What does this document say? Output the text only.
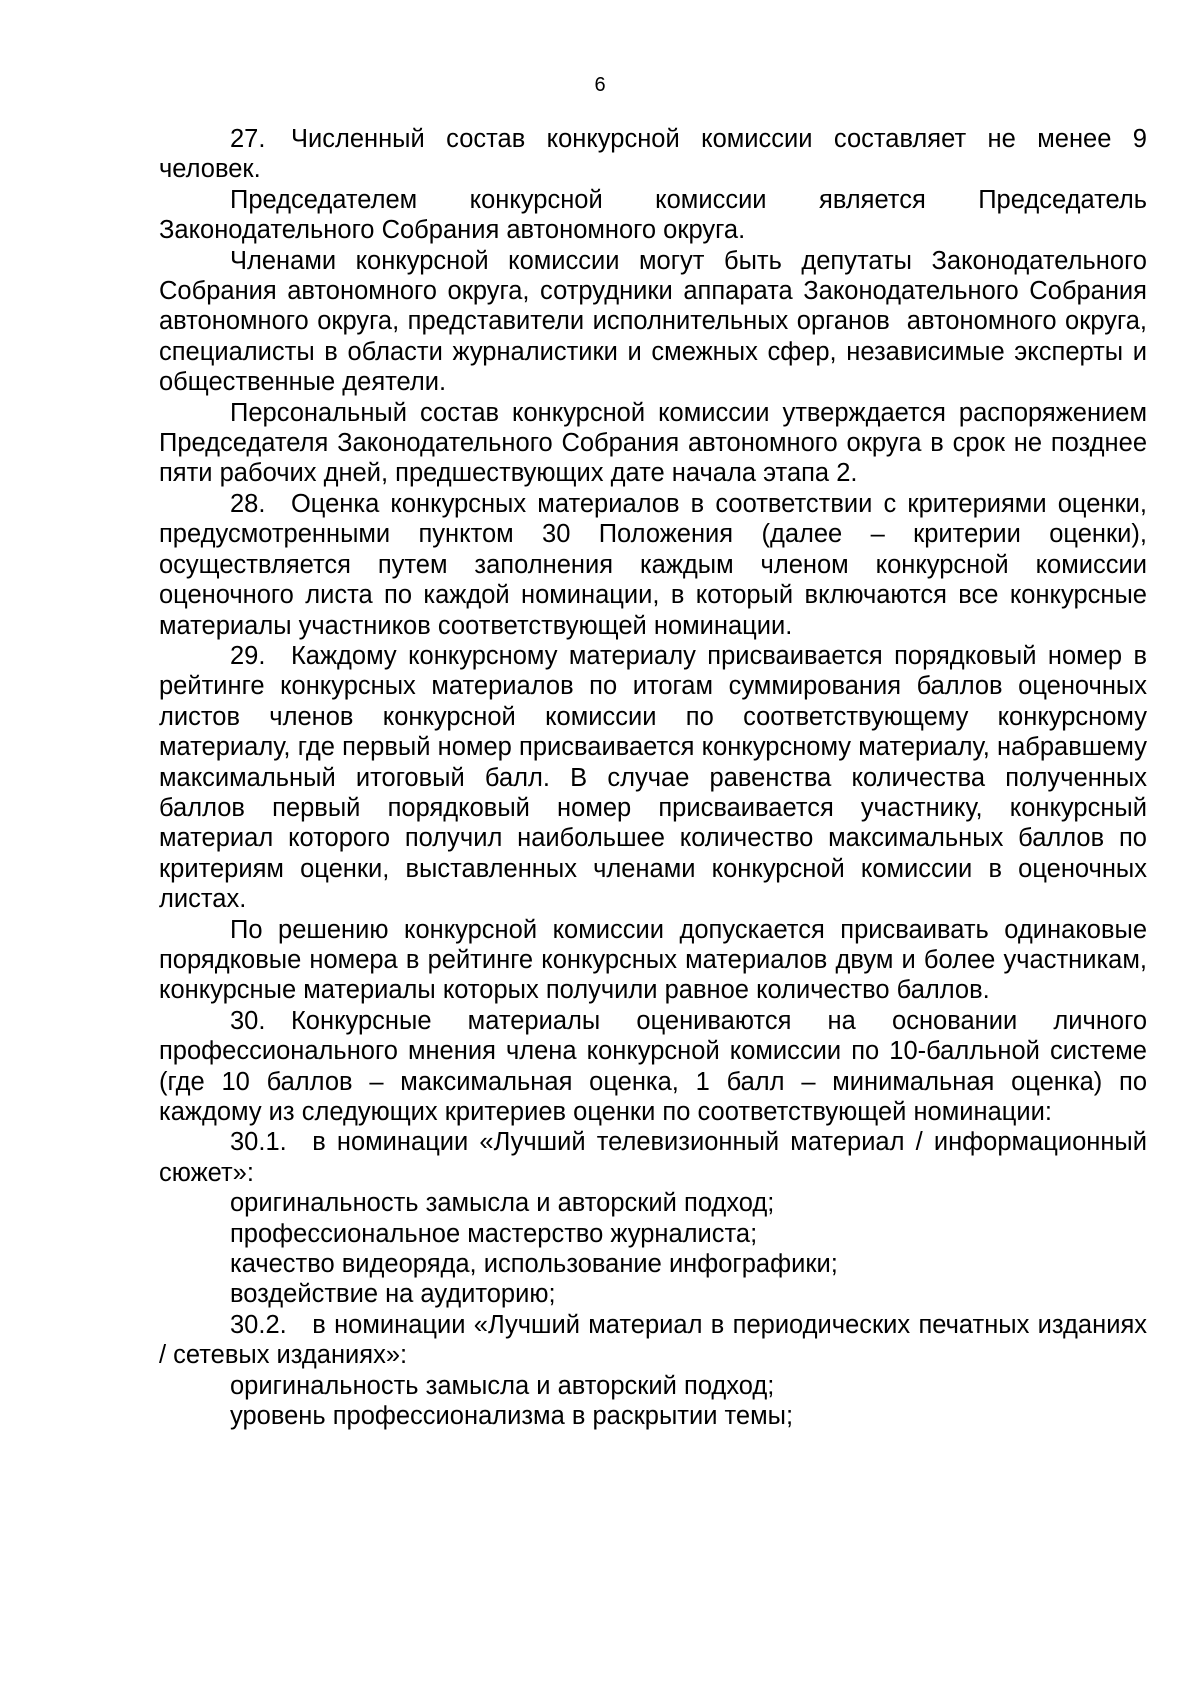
6

27. Численный состав конкурсной комиссии составляет не менее 9 человек.

Председателем конкурсной комиссии является Председатель Законодательного Собрания автономного округа.

Членами конкурсной комиссии могут быть депутаты Законодательного Собрания автономного округа, сотрудники аппарата Законодательного Собрания автономного округа, представители исполнительных органов  автономного округа, специалисты в области журналистики и смежных сфер, независимые эксперты и общественные деятели.

Персональный состав конкурсной комиссии утверждается распоряжением Председателя Законодательного Собрания автономного округа в срок не позднее пяти рабочих дней, предшествующих дате начала этапа 2.

28. Оценка конкурсных материалов в соответствии с критериями оценки, предусмотренными пунктом 30 Положения (далее – критерии оценки), осуществляется путем заполнения каждым членом конкурсной комиссии оценочного листа по каждой номинации, в который включаются все конкурсные материалы участников соответствующей номинации.

29. Каждому конкурсному материалу присваивается порядковый номер в рейтинге конкурсных материалов по итогам суммирования баллов оценочных листов членов конкурсной комиссии по соответствующему конкурсному материалу, где первый номер присваивается конкурсному материалу, набравшему максимальный итоговый балл. В случае равенства количества полученных баллов первый порядковый номер присваивается участнику, конкурсный материал которого получил наибольшее количество максимальных баллов по критериям оценки, выставленных членами конкурсной комиссии в оценочных листах.

По решению конкурсной комиссии допускается присваивать одинаковые порядковые номера в рейтинге конкурсных материалов двум и более участникам, конкурсные материалы которых получили равное количество баллов.

30. Конкурсные материалы оцениваются на основании личного профессионального мнения члена конкурсной комиссии по 10-балльной системе (где 10 баллов – максимальная оценка, 1 балл – минимальная оценка) по каждому из следующих критериев оценки по соответствующей номинации:

30.1. в номинации «Лучший телевизионный материал / информационный сюжет»:

оригинальность замысла и авторский подход;

профессиональное мастерство журналиста;

качество видеоряда, использование инфографики;

воздействие на аудиторию;

30.2. в номинации «Лучший материал в периодических печатных изданиях / сетевых изданиях»:

оригинальность замысла и авторский подход;

уровень профессионализма в раскрытии темы;
